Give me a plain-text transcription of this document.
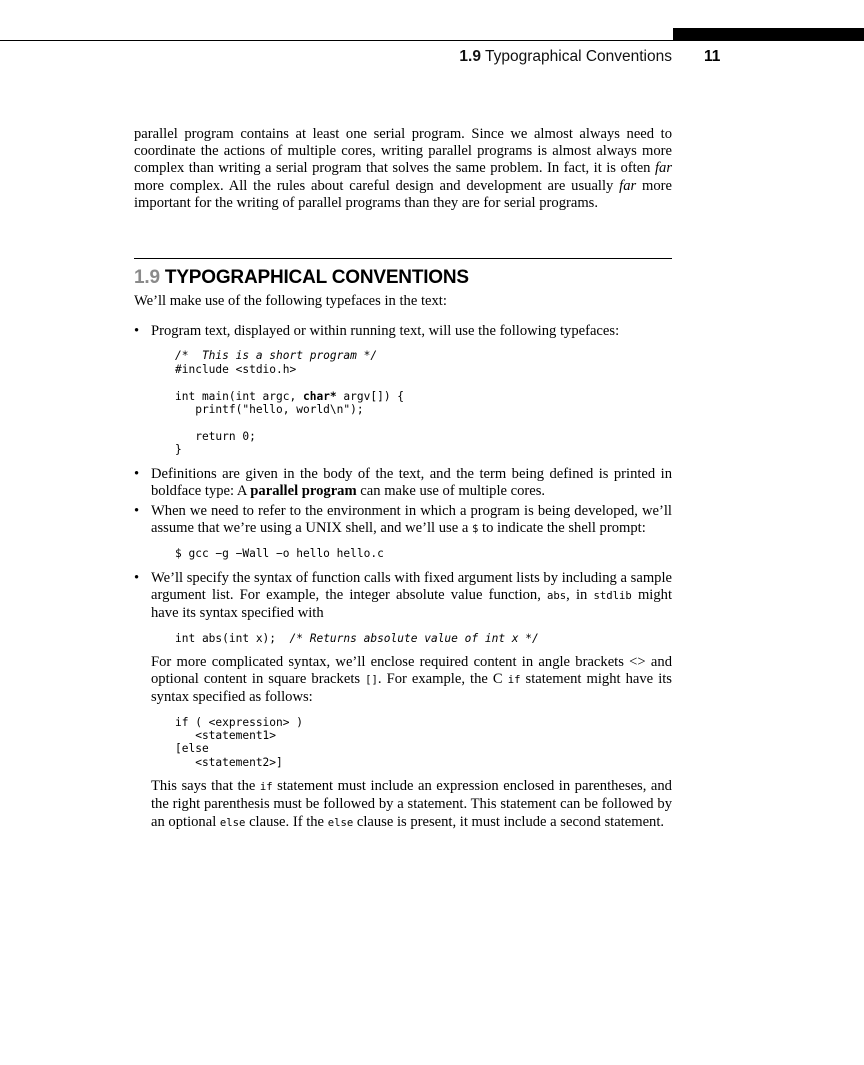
1.9 Typographical Conventions 11

parallel program contains at least one serial program. Since we almost always need to coordinate the actions of multiple cores, writing parallel programs is almost always more complex than writing a serial program that solves the same problem. In fact, it is often far more complex. All the rules about careful design and development are usually far more important for the writing of parallel programs than they are for serial programs.

1.9 TYPOGRAPHICAL CONVENTIONS

We’ll make use of the following typefaces in the text:

• Program text, displayed or within running text, will use the following typefaces:

/*  This is a short program */
#include <stdio.h>

int main(int argc, char* argv[]) {
printf("hello, world\n");

return 0;
}

• Definitions are given in the body of the text, and the term being defined is printed in boldface type: A parallel program can make use of multiple cores.

• When we need to refer to the environment in which a program is being developed, we’ll assume that we’re using a UNIX shell, and we’ll use a $ to indicate the shell prompt:

$ gcc −g −Wall −o hello hello.c

• We’ll specify the syntax of function calls with fixed argument lists by including a sample argument list. For example, the integer absolute value function, abs, in stdlib might have its syntax specified with

int abs(int x);  /* Returns absolute value of int x */

For more complicated syntax, we’ll enclose required content in angle brackets <> and optional content in square brackets []. For example, the C if statement might have its syntax specified as follows:

if ( <expression> )
<statement1>
[else
<statement2>]

This says that the if statement must include an expression enclosed in parentheses, and the right parenthesis must be followed by a statement. This statement can be followed by an optional else clause. If the else clause is present, it must include a second statement.
